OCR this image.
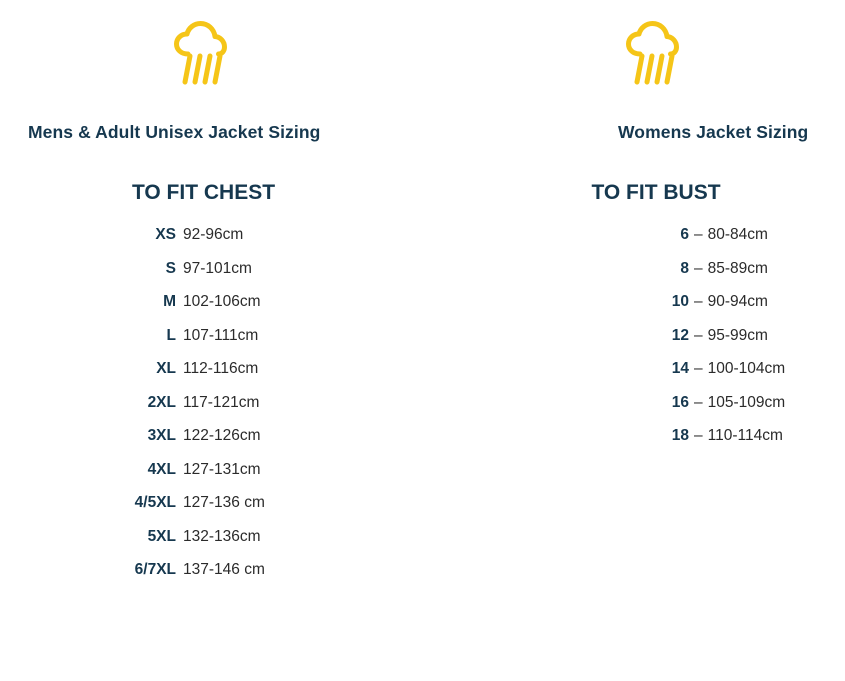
Mens & Adult Unisex Jacket Sizing
TO FIT CHEST
XS 92-96cm
S 97-101cm
M 102-106cm
L 107-111cm
XL 112-116cm
2XL 117-121cm
3XL 122-126cm
4XL 127-131cm
4/5XL 127-136 cm
5XL 132-136cm
6/7XL 137-146 cm
Womens Jacket Sizing
TO FIT BUST
6 – 80-84cm
8 – 85-89cm
10 – 90-94cm
12 – 95-99cm
14 – 100-104cm
16 – 105-109cm
18 – 110-114cm
